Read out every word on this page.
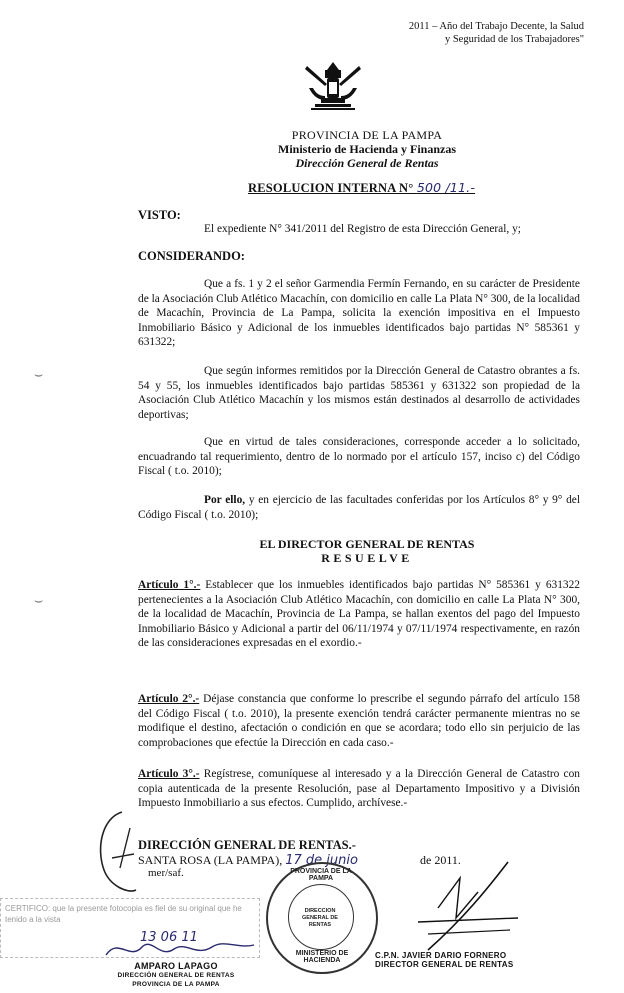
2011 – Año del Trabajo Decente, la Salud
y Seguridad de los Trabajadores"
PROVINCIA DE LA PAMPA
Ministerio de Hacienda y Finanzas
Dirección General de Rentas
RESOLUCION INTERNA N° 500 /11.-
VISTO:
El expediente N° 341/2011 del Registro de esta Dirección General, y;
CONSIDERANDO:
Que a fs. 1 y 2 el señor Garmendia Fermín Fernando, en su carácter de Presidente de la Asociación Club Atlético Macachín, con domicilio en calle La Plata N° 300, de la localidad de Macachín, Provincia de La Pampa, solicita la exención impositiva en el Impuesto Inmobiliario Básico y Adicional de los inmuebles identificados bajo partidas N° 585361 y 631322;
Que según informes remitidos por la Dirección General de Catastro obrantes a fs. 54 y 55, los inmuebles identificados bajo partidas 585361 y 631322 son propiedad de la Asociación Club Atlético Macachín y los mismos están destinados al desarrollo de actividades deportivas;
Que en virtud de tales consideraciones, corresponde acceder a lo solicitado, encuadrando tal requerimiento, dentro de lo normado por el artículo 157, inciso c) del Código Fiscal ( t.o. 2010);
Por ello, y en ejercicio de las facultades conferidas por los Artículos 8° y 9° del Código Fiscal ( t.o. 2010);
⌣
⌣
EL DIRECTOR GENERAL DE RENTAS
RESUELVE
Artículo 1°.- Establecer que los inmuebles identificados bajo partidas N° 585361 y 631322 pertenecientes a la Asociación Club Atlético Macachín, con domicilio en calle La Plata N° 300, de la localidad de Macachín, Provincia de La Pampa, se hallan exentos del pago del Impuesto Inmobiliario Básico y Adicional a partir del 06/11/1974 y 07/11/1974 respectivamente, en razón de las consideraciones expresadas en el exordio.-
Artículo 2°.- Déjase constancia que conforme lo prescribe el segundo párrafo del artículo 158 del Código Fiscal ( t.o. 2010), la presente exención tendrá carácter permanente mientras no se modifique el destino, afectación o condición en que se acordara; todo ello sin perjuicio de las comprobaciones que efectúe la Dirección en cada caso.-
Artículo 3°.- Regístrese, comuníquese al interesado y a la Dirección General de Catastro con copia autenticada de la presente Resolución, pase al Departamento Impositivo y a División Impuesto Inmobiliario a sus efectos. Cumplido, archívese.-
DIRECCIÓN GENERAL DE RENTAS.-
SANTA ROSA (LA PAMPA), 17 de junio	de 2011.
mer/saf.
CERTIFICO: que la presente fotocopia es fiel de su original que he tenido a la vista
13 06 11
AMPARO LAPAGO
DIRECCIÓN GENERAL DE RENTAS
PROVINCIA DE LA PAMPA
PROVINCIA DE LA PAMPA
DIRECCION GENERAL DE RENTAS
MINISTERIO DE HACIENDA
C.P.N. JAVIER DARIO FORNERO
DIRECTOR GENERAL DE RENTAS
